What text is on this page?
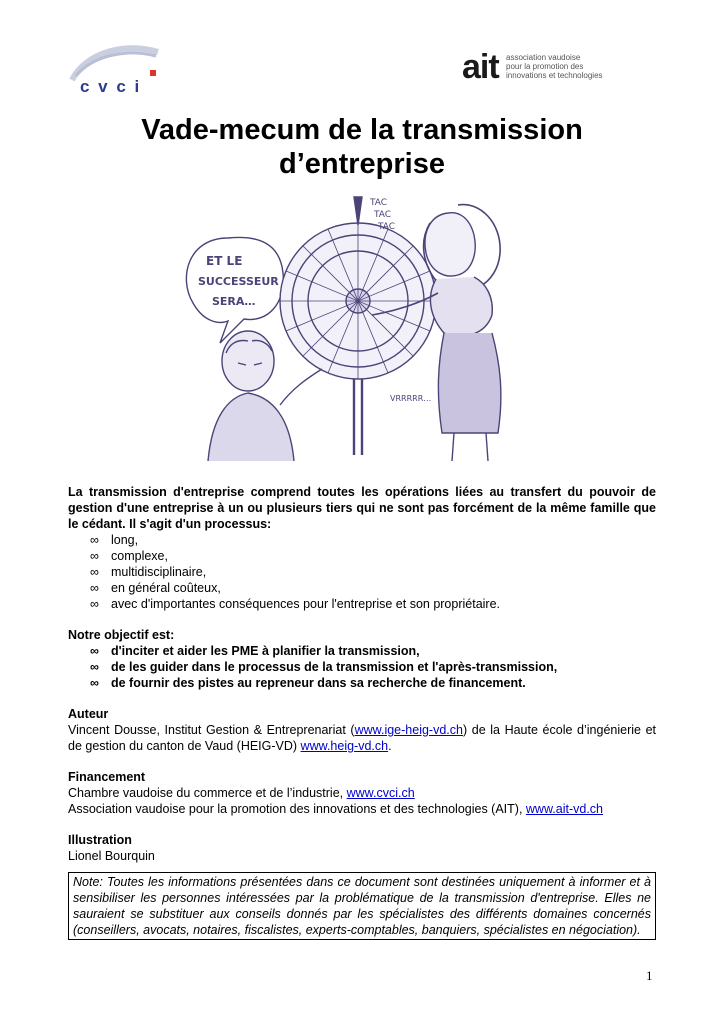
c v c i
ait association vaudoise
pour la promotion des
innovations et technologies
Vade-mecum de la transmission
d’entreprise
ET LE
SUCCESSEUR
SERA…
TAC
TAC
TAC
VRRRRR…

La transmission d'entreprise comprend toutes les opérations liées au transfert du pouvoir de gestion d'une entreprise à un ou plusieurs tiers qui ne sont pas forcément de la même famille que le cédant. Il s'agit d'un processus:

∞ long,
∞ complexe,
∞ multidisciplinaire,
∞ en général coûteux,
∞ avec d'importantes conséquences pour l'entreprise et son propriétaire.

Notre objectif est:

∞ d'inciter et aider les PME à planifier la transmission,
∞ de les guider dans le processus de la transmission et l'après-transmission,
∞ de fournir des pistes au repreneur dans sa recherche de financement.

Auteur

Vincent Dousse, Institut Gestion & Entreprenariat (www.ige-heig-vd.ch) de la Haute école d’ingénierie et de gestion du canton de Vaud (HEIG-VD) www.heig-vd.ch.

Financement

Chambre vaudoise du commerce et de l’industrie, www.cvci.ch

Association vaudoise pour la promotion des innovations et des technologies (AIT), www.ait-vd.ch

Illustration

Lionel Bourquin

Note: Toutes les informations présentées dans ce document sont destinées uniquement à informer et à sensibiliser les personnes intéressées par la problématique de la transmission d'entreprise. Elles ne sauraient se substituer aux conseils donnés par les spécialistes des différents domaines concernés (conseillers, avocats, notaires, fiscalistes, experts-comptables, banquiers, spécialistes en négociation).
1
